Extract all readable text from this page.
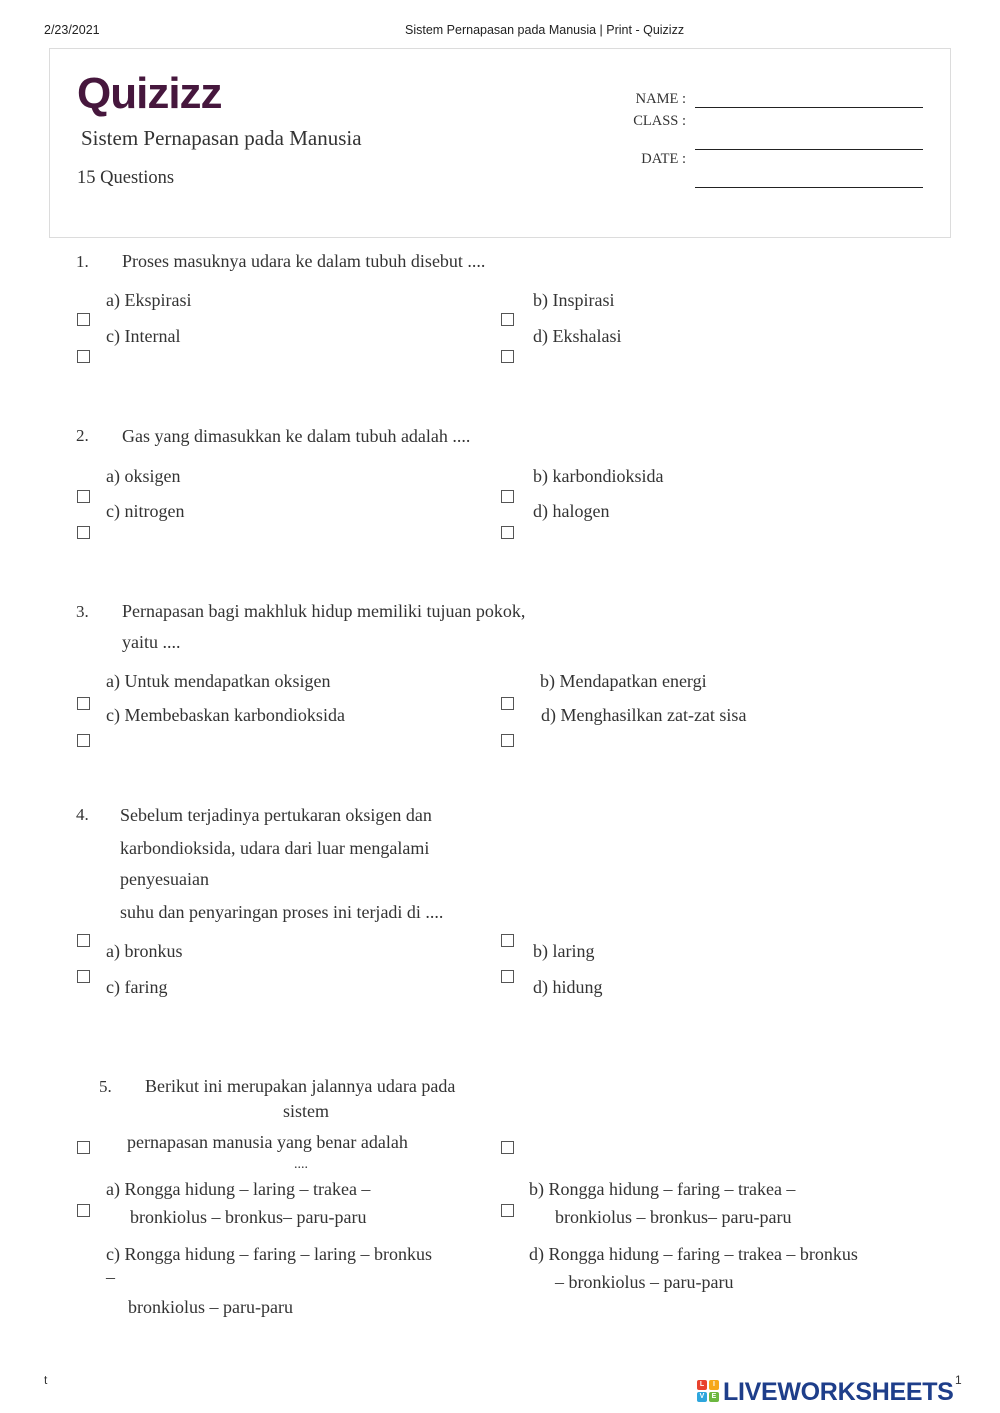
2/23/2021	Sistem Pernapasan pada Manusia | Print - Quizizz
Quizizz
Sistem Pernapasan pada Manusia
15 Questions
NAME :
CLASS :
DATE :
1. Proses masuknya udara ke dalam tubuh disebut ....
a) Ekspirasi	b) Inspirasi
c) Internal	d) Ekshalasi
2. Gas yang dimasukkan ke dalam tubuh adalah ....
a) oksigen	b) karbondioksida
c) nitrogen	d) halogen
3. Pernapasan bagi makhluk hidup memiliki tujuan pokok,
yaitu ....
a) Untuk mendapatkan oksigen	b) Mendapatkan energi
c) Membebaskan karbondioksida	d) Menghasilkan zat-zat sisa
4. Sebelum terjadinya pertukaran oksigen dan
karbondioksida, udara dari luar mengalami
penyesuaian
suhu dan penyaringan proses ini terjadi di ....
a) bronkus	b) laring
c) faring	d) hidung
5. Berikut ini merupakan jalannya udara pada
sistem
pernapasan manusia yang benar adalah
....
a) Rongga hidung – laring – trakea –
bronkiolus – bronkus– paru-paru
b) Rongga hidung – faring – trakea –
bronkiolus – bronkus– paru-paru
c) Rongga hidung – faring – laring – bronkus
–
bronkiolus – paru-paru
d) Rongga hidung – faring – trakea – bronkus
– bronkiolus – paru-paru
t	1
L	I
V	E LIVEWORKSHEETS
